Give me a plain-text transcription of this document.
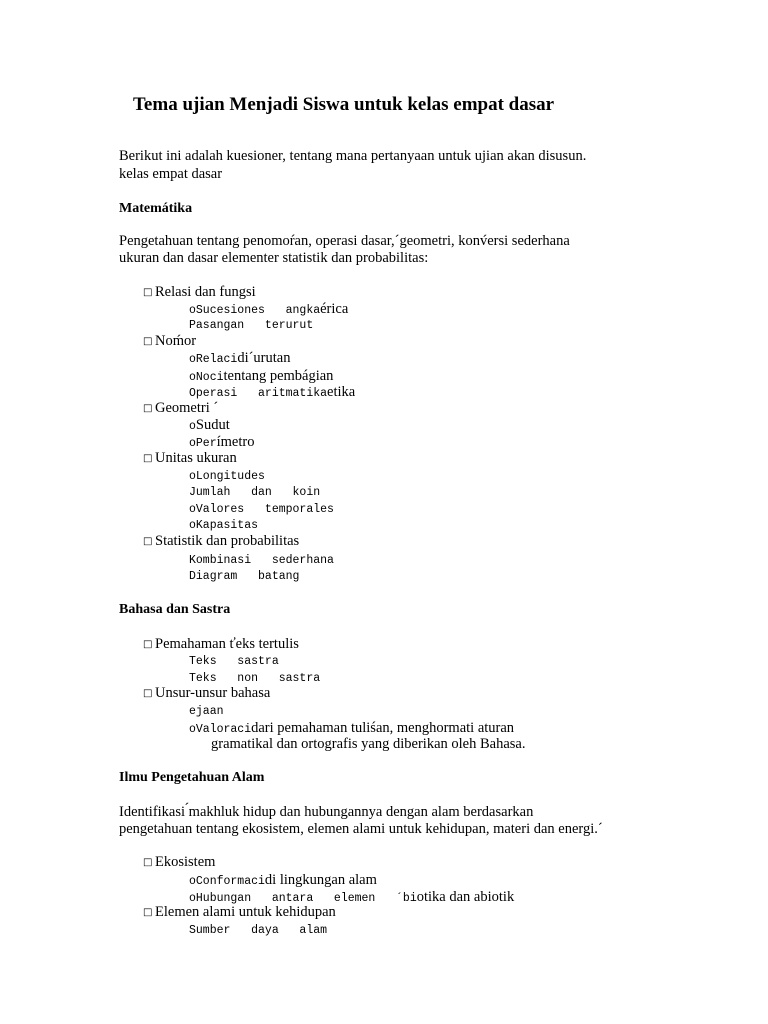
Tema ujian Menjadi Siswa untuk kelas empat dasar
Berikut ini adalah kuesioner, tentang mana pertanyaan untuk ujian akan disusun.
kelas empat dasar
Matemátika
Pengetahuan tentang penomoŕan, operasi dasar,´geometri, konv́ersi sederhana
ukuran dan dasar elementer statistik dan probabilitas:
□ Relasi dan fungsi
oSucesiones   angkaérica
Pasangan   terurut
□ Noḿor
oRelacidi´urutan
oNocitentang pembágian
Operasi   aritmatikaetika
□ Geometri ´
oSudut
oPerímetro
□ Unitas ukuran
oLongitudes
Jumlah   dan   koin
oValores   temporales
oKapasitas
□ Statistik dan probabilitas
Kombinasi   sederhana
Diagram   batang
Bahasa dan Sastra
□ Pemahaman ťeks tertulis
Teks   sastra
Teks   non   sastra
□ Unsur-unsur bahasa
ejaan
oValoracidari pemahaman tuliśan, menghormati aturan
gramatikal dan ortografis yang diberikan oleh Bahasa.
Ilmu Pengetahuan Alam
Identifikasi ́makhluk hidup dan hubungannya dengan alam berdasarkan
pengetahuan tentang ekosistem, elemen alami untuk kehidupan, materi dan energi.´
□ Ekosistem
oConformacidi lingkungan alam
oHubungan   antara   elemen   ´biotika dan abiotik
□ Elemen alami untuk kehidupan
Sumber   daya   alam
